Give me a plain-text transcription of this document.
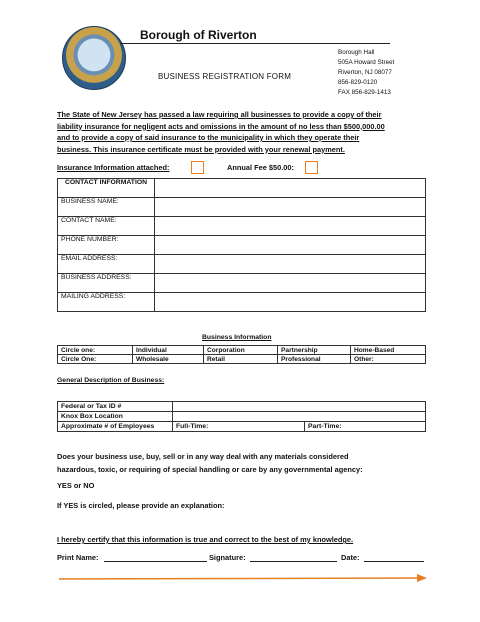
Borough of Riverton
BUSINESS REGISTRATION FORM
Borough Hall
505A Howard Street
Riverton, NJ 08077
856-829-0120
FAX 856-829-1413
The State of New Jersey has passed a law requiring all businesses to provide a copy of their
liability insurance for negligent acts and omissions in the amount of no less than $500,000.00
and to provide a copy of said insurance to the municipality in which they operate their
business. This insurance certificate must be provided with your renewal payment.
Insurance Information attached:	Annual Fee $50.00:
CONTACT INFORMATION	
BUSINESS NAME:	
CONTACT NAME:	
PHONE NUMBER:	
EMAIL ADDRESS:	
BUSINESS ADDRESS:	
MAILING ADDRESS:	
Business Information
Circle one:	Individual	Corporation	Partnership	Home-Based
Circle One:	Wholesale	Retail	Professional	Other:
General Description of Business:
Federal or Tax ID #		
Knox Box Location		
Approximate # of Employees	Full-Time:	Part-Time:
Does your business use, buy, sell or in any way deal with any materials considered
hazardous, toxic, or requiring of special handling or care by any governmental agency:
YES or NO
If YES is circled, please provide an explanation:
I hereby certify that this information is true and correct to the best of my knowledge.
Print Name:	Signature:	Date:
